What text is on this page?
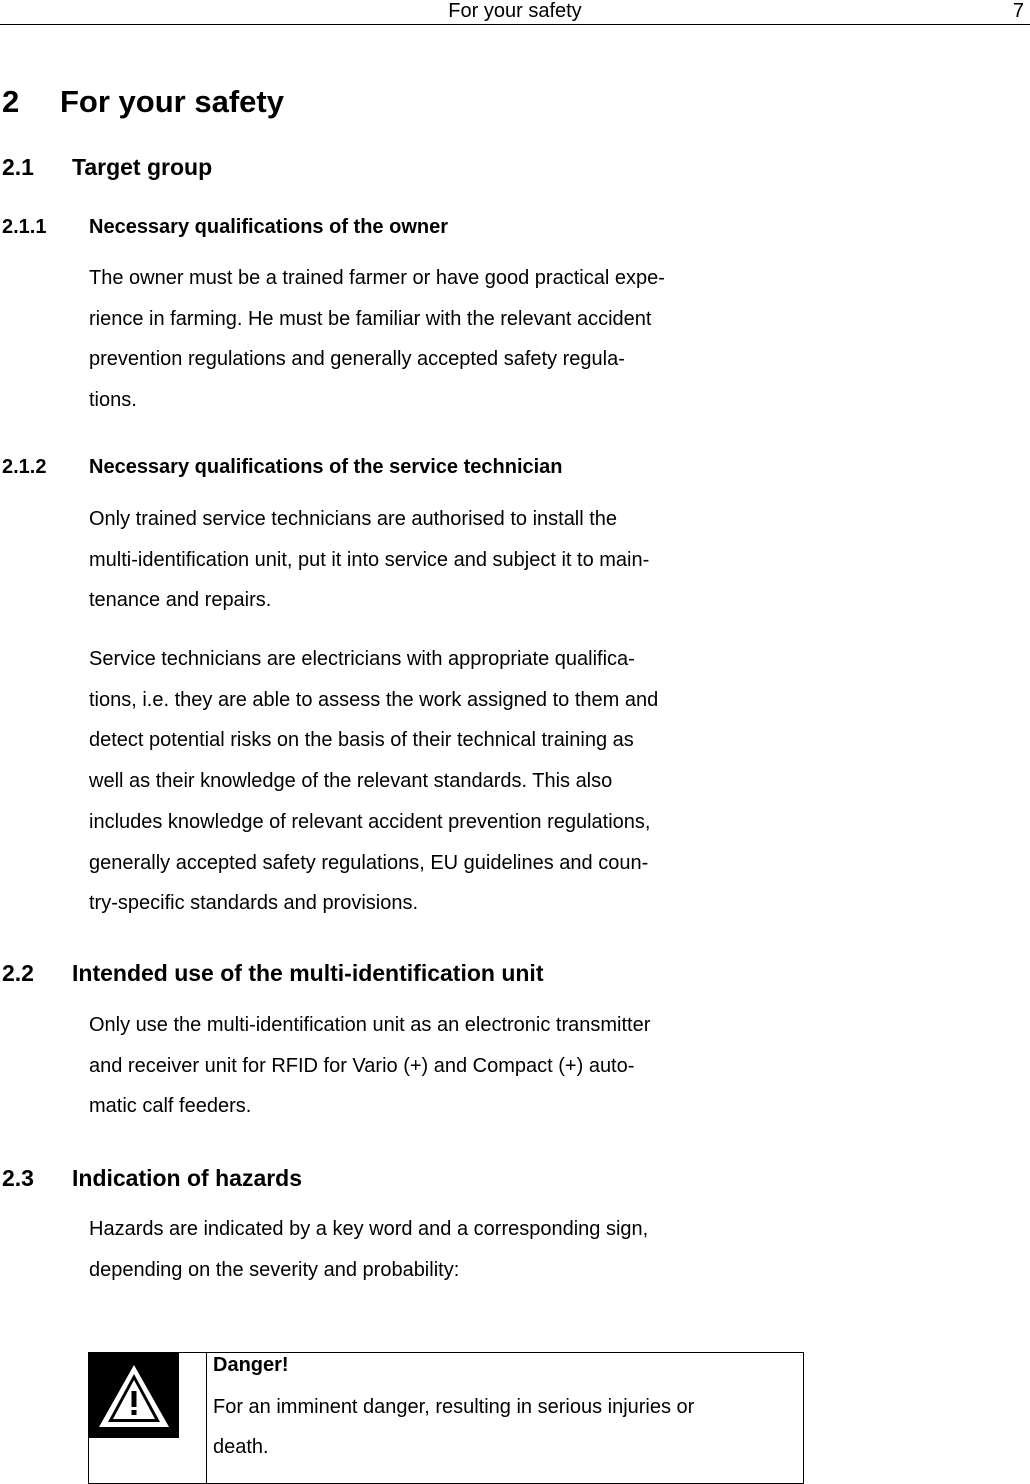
For your safety	7
2 For your safety
2.1 Target group
2.1.1 Necessary qualifications of the owner
The owner must be a trained farmer or have good practical expe-
rience in farming. He must be familiar with the relevant accident
prevention regulations and generally accepted safety regula-
tions.
2.1.2 Necessary qualifications of the service technician
Only trained service technicians are authorised to install the
multi-identification unit, put it into service and subject it to main-
tenance and repairs.
Service technicians are electricians with appropriate qualifica-
tions, i.e. they are able to assess the work assigned to them and
detect potential risks on the basis of their technical training as
well as their knowledge of the relevant standards. This also
includes knowledge of relevant accident prevention regulations,
generally accepted safety regulations, EU guidelines and coun-
try-specific standards and provisions.
2.2 Intended use of the multi-identification unit
Only use the multi-identification unit as an electronic transmitter
and receiver unit for RFID for Vario (+) and Compact (+) auto-
matic calf feeders.
2.3 Indication of hazards
Hazards are indicated by a key word and a corresponding sign,
depending on the severity and probability:
Danger!
For an imminent danger, resulting in serious injuries or
death.
